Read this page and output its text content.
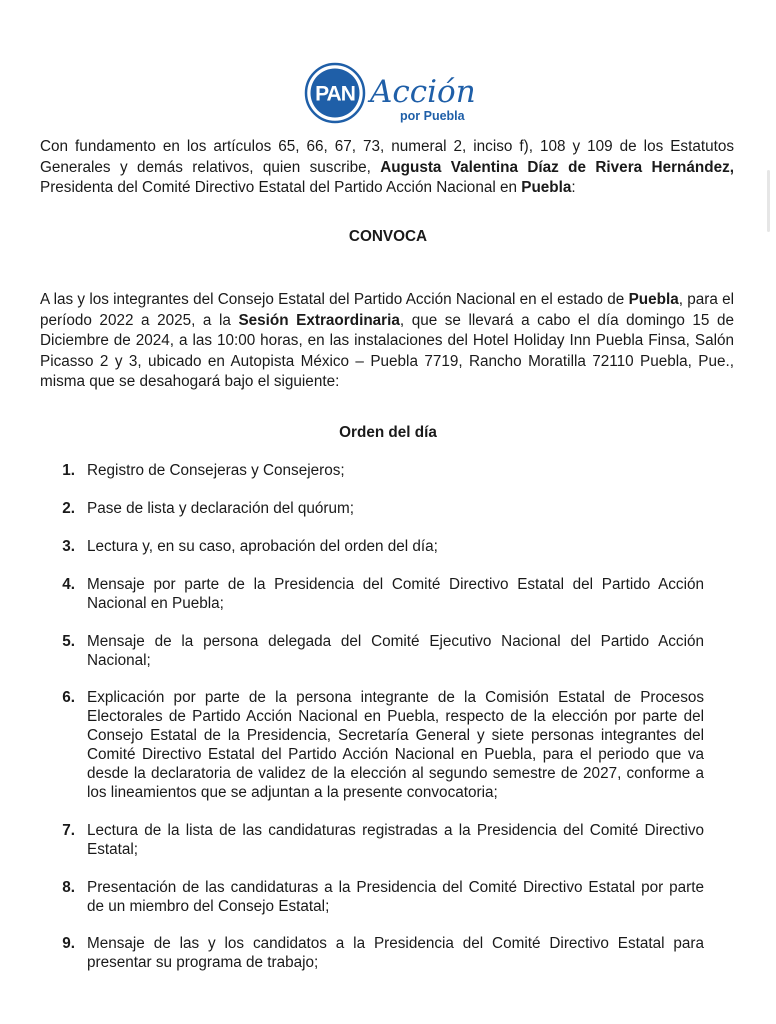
PAN Acción
por Puebla

Con fundamento en los artículos 65, 66, 67, 73, numeral 2, inciso f), 108 y 109 de los Estatutos Generales y demás relativos, quien suscribe, Augusta Valentina Díaz de Rivera Hernández, Presidenta del Comité Directivo Estatal del Partido Acción Nacional en Puebla:

CONVOCA

A las y los integrantes del Consejo Estatal del Partido Acción Nacional en el estado de Puebla, para el período 2022 a 2025, a la Sesión Extraordinaria, que se llevará a cabo el día domingo 15 de Diciembre de 2024, a las 10:00 horas, en las instalaciones del Hotel Holiday Inn Puebla Finsa, Salón Picasso 2 y 3, ubicado en Autopista México – Puebla 7719, Rancho Moratilla 72110 Puebla, Pue., misma que se desahogará bajo el siguiente:

Orden del día

1. Registro de Consejeras y Consejeros;
2. Pase de lista y declaración del quórum;
3. Lectura y, en su caso, aprobación del orden del día;
4. Mensaje por parte de la Presidencia del Comité Directivo Estatal del Partido Acción Nacional en Puebla;
5. Mensaje de la persona delegada del Comité Ejecutivo Nacional del Partido Acción Nacional;
6. Explicación por parte de la persona integrante de la Comisión Estatal de Procesos Electorales de Partido Acción Nacional en Puebla, respecto de la elección por parte del Consejo Estatal de la Presidencia, Secretaría General y siete personas integrantes del Comité Directivo Estatal del Partido Acción Nacional en Puebla, para el periodo que va desde la declaratoria de validez de la elección al segundo semestre de 2027, conforme a los lineamientos que se adjuntan a la presente convocatoria;
7. Lectura de la lista de las candidaturas registradas a la Presidencia del Comité Directivo Estatal;
8. Presentación de las candidaturas a la Presidencia del Comité Directivo Estatal por parte de un miembro del Consejo Estatal;
9. Mensaje de las y los candidatos a la Presidencia del Comité Directivo Estatal para presentar su programa de trabajo;
